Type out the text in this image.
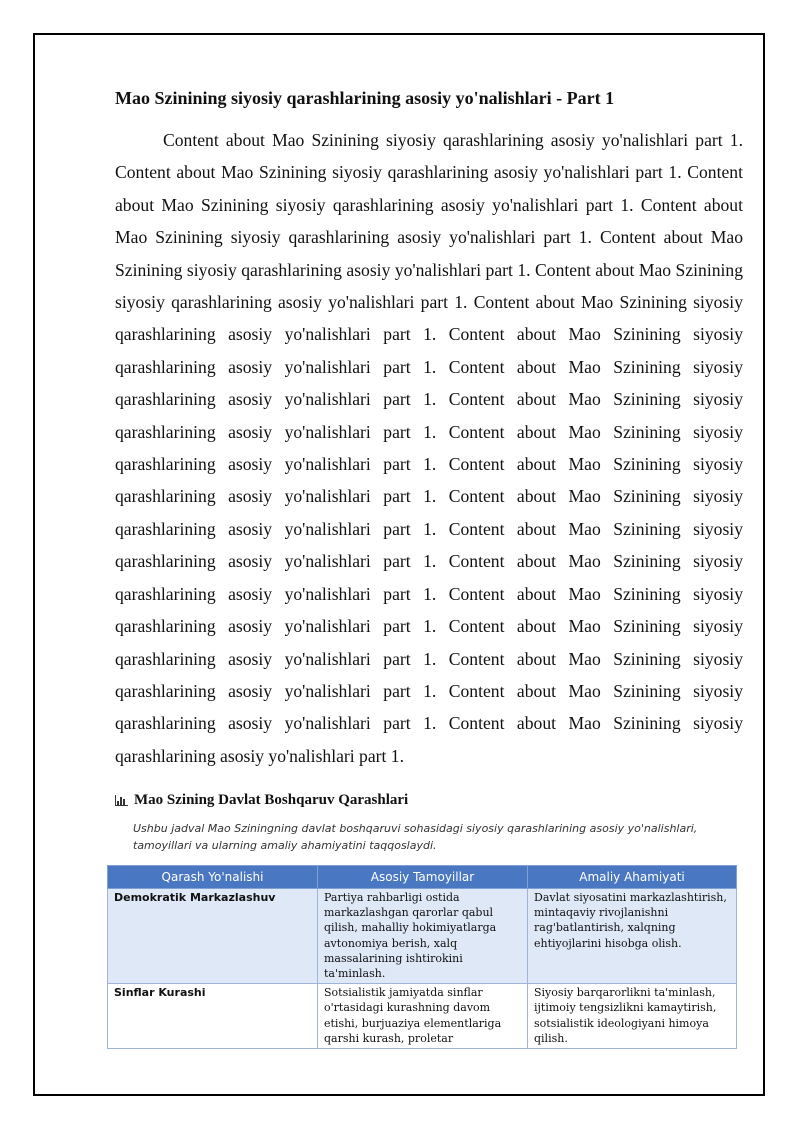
Mao Szinining siyosiy qarashlarining asosiy yo'nalishlari - Part 1

Content about Mao Szinining siyosiy qarashlarining asosiy yo'nalishlari part 1. Content about Mao Szinining siyosiy qarashlarining asosiy yo'nalishlari part 1. Content about Mao Szinining siyosiy qarashlarining asosiy yo'nalishlari part 1. Content about Mao Szinining siyosiy qarashlarining asosiy yo'nalishlari part 1. Content about Mao Szinining siyosiy qarashlarining asosiy yo'nalishlari part 1. Content about Mao Szinining siyosiy qarashlarining asosiy yo'nalishlari part 1. Content about Mao Szinining siyosiy qarashlarining asosiy yo'nalishlari part 1. Content about Mao Szinining siyosiy qarashlarining asosiy yo'nalishlari part 1. Content about Mao Szinining siyosiy qarashlarining asosiy yo'nalishlari part 1. Content about Mao Szinining siyosiy qarashlarining asosiy yo'nalishlari part 1. Content about Mao Szinining siyosiy qarashlarining asosiy yo'nalishlari part 1. Content about Mao Szinining siyosiy qarashlarining asosiy yo'nalishlari part 1. Content about Mao Szinining siyosiy qarashlarining asosiy yo'nalishlari part 1. Content about Mao Szinining siyosiy qarashlarining asosiy yo'nalishlari part 1. Content about Mao Szinining siyosiy qarashlarining asosiy yo'nalishlari part 1. Content about Mao Szinining siyosiy qarashlarining asosiy yo'nalishlari part 1. Content about Mao Szinining siyosiy qarashlarining asosiy yo'nalishlari part 1. Content about Mao Szinining siyosiy qarashlarining asosiy yo'nalishlari part 1. Content about Mao Szinining siyosiy qarashlarining asosiy yo'nalishlari part 1. Content about Mao Szinining siyosiy qarashlarining asosiy yo'nalishlari part 1.

Mao Szining Davlat Boshqaruv Qarashlari

Ushbu jadval Mao Sziningning davlat boshqaruvi sohasidagi siyosiy qarashlarining asosiy yo'nalishlari, tamoyillari va ularning amaliy ahamiyatini taqqoslaydi.

Qarash Yo'nalishi	Asosiy Tamoyillar	Amaliy Ahamiyati
Demokratik Markazlashuv	Partiya rahbarligi ostida markazlashgan qarorlar qabul qilish, mahalliy hokimiyatlarga avtonomiya berish, xalq massalarining ishtirokini ta'minlash.	Davlat siyosatini markazlashtirish, mintaqaviy rivojlanishni rag'batlantirish, xalqning ehtiyojlarini hisobga olish.
Sinflar Kurashi	Sotsialistik jamiyatda sinflar o'rtasidagi kurashning davom etishi, burjuaziya elementlariga qarshi kurash, proletar	Siyosiy barqarorlikni ta'minlash, ijtimoiy tengsizlikni kamaytirish, sotsialistik ideologiyani himoya qilish.
